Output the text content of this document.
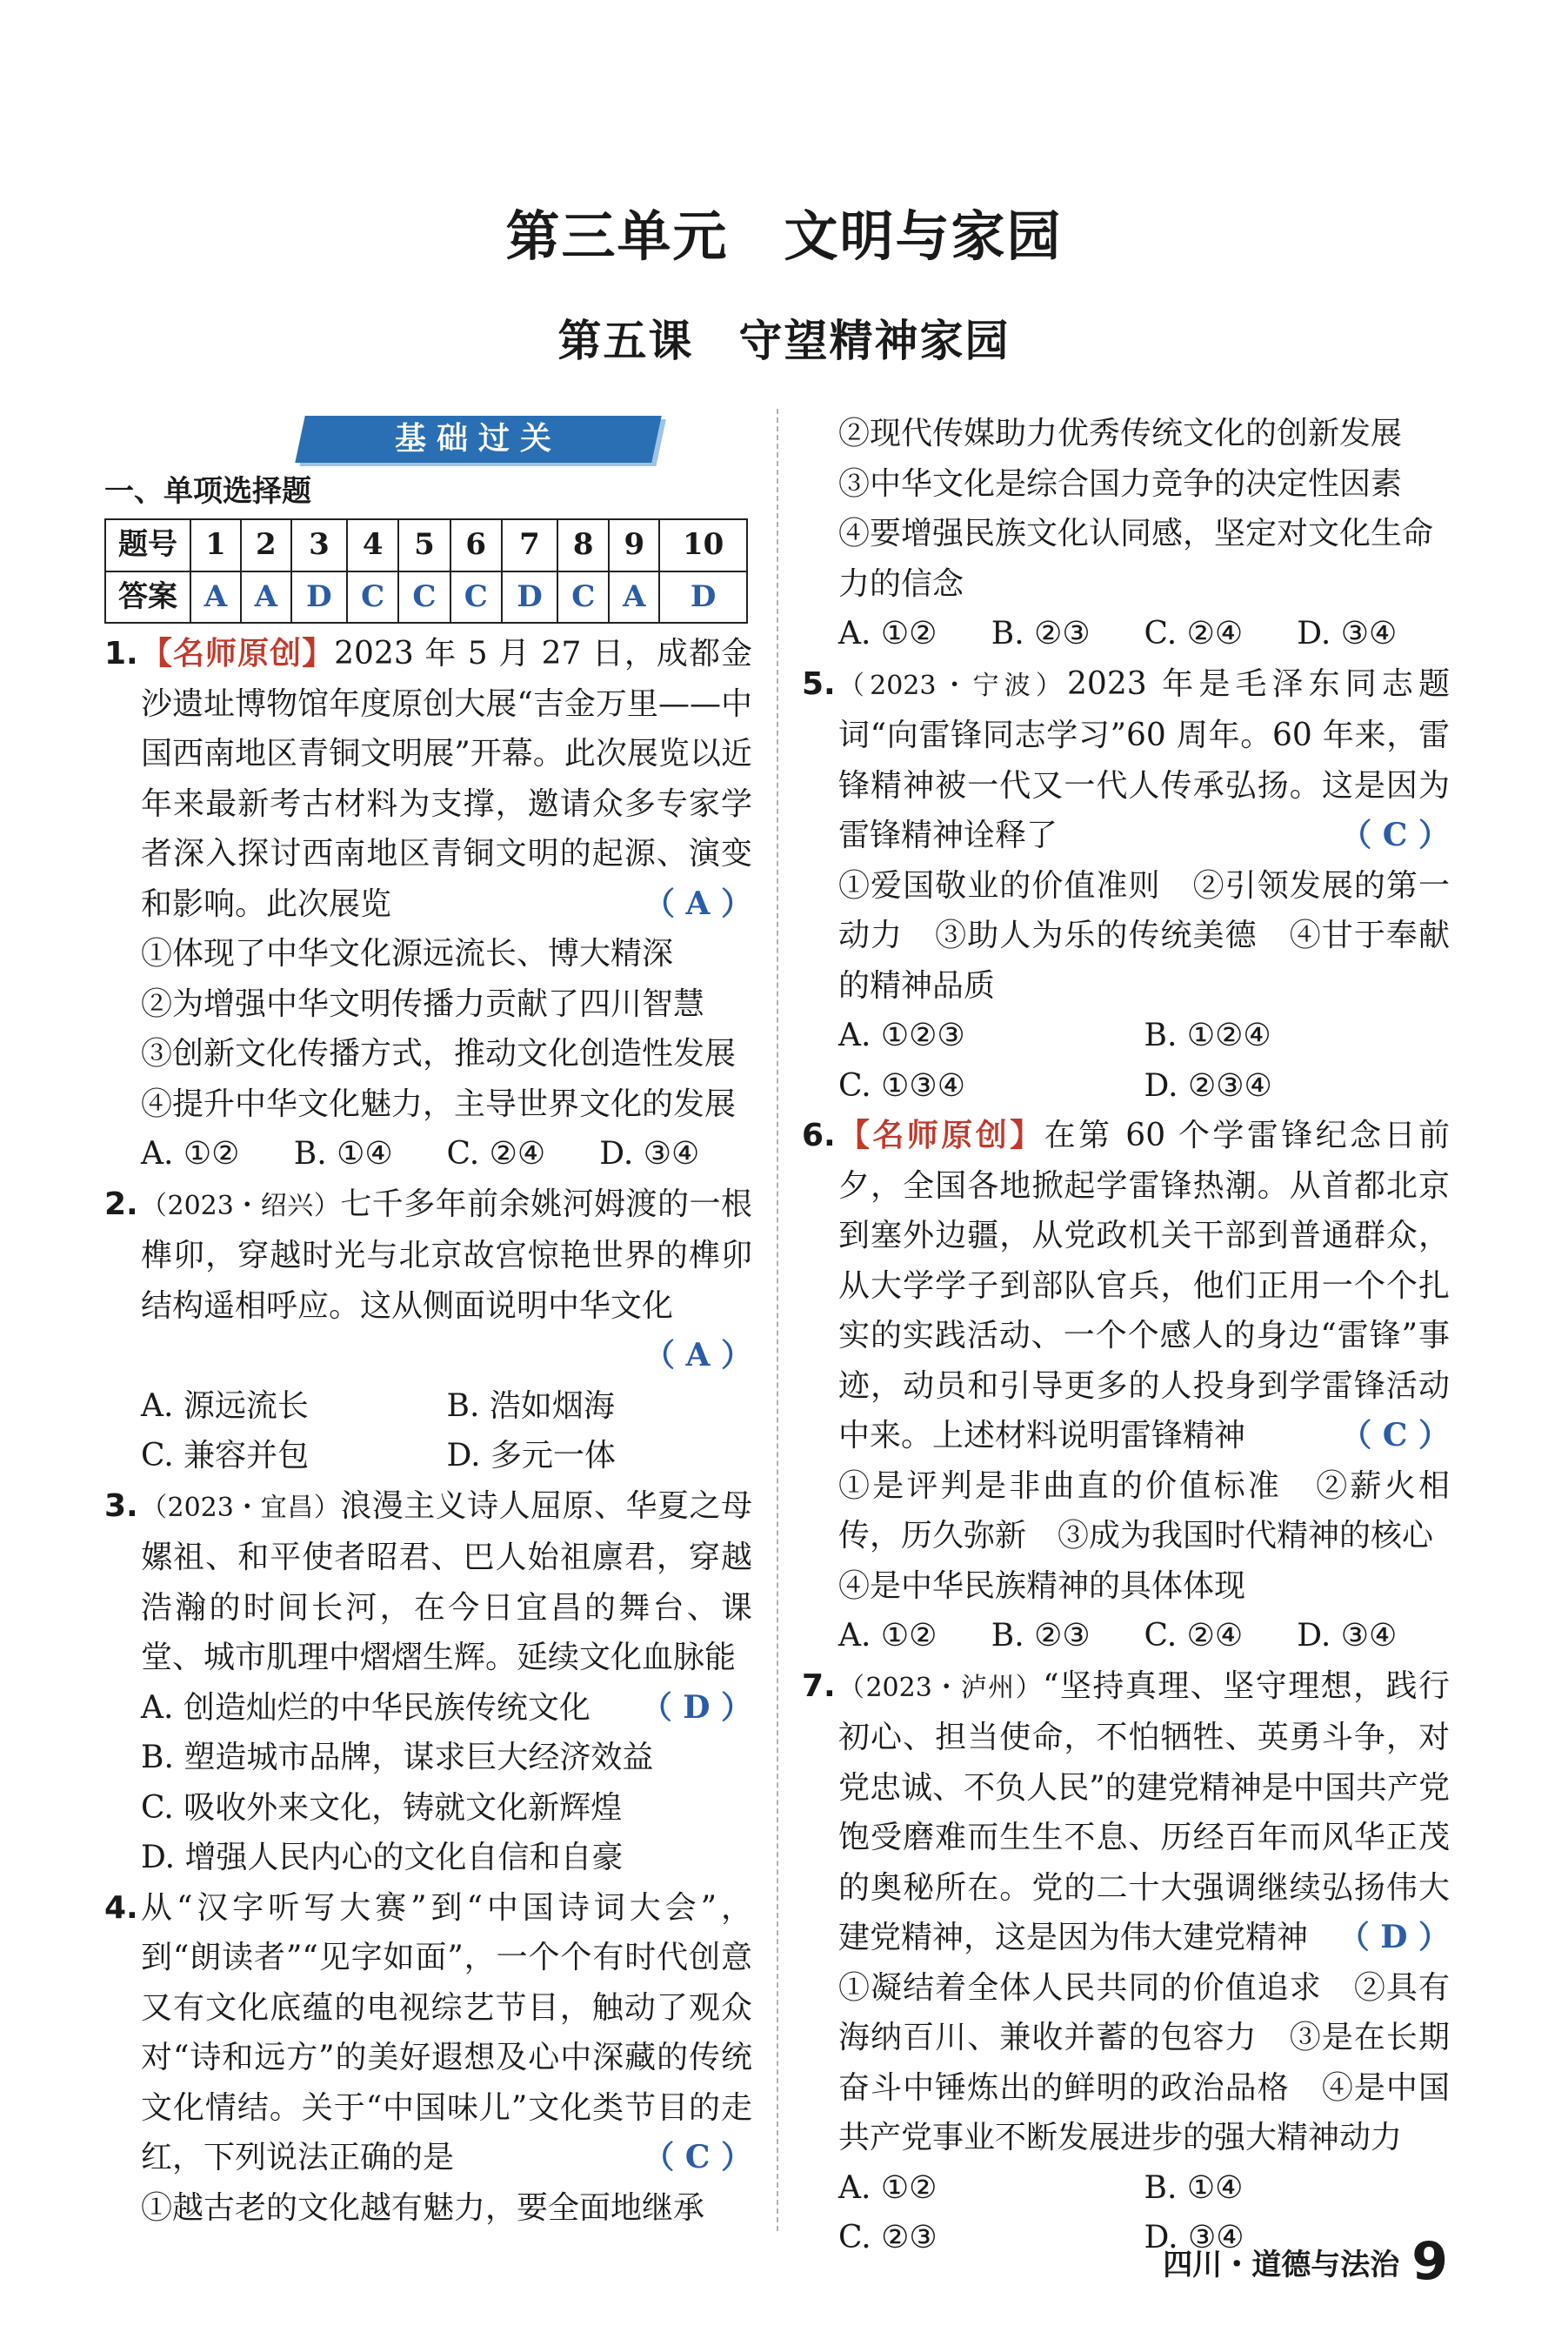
第三单元　文明与家园
第五课　守望精神家园
基础过关
一、单项选择题
题号	1	2	3	4	5	6	7	8	9	10
答案	A	A	D	C	C	C	D	C	A	D
1. 【名师原创】2023 年 5 月 27 日，成都金沙遗址博物馆年度原创大展“吉金万里——中国西南地区青铜文明展”开幕。此次展览以近年来最新考古材料为支撑，邀请众多专家学者深入探讨西南地区青铜文明的起源、演变和影响。此次展览	（ A ）
①体现了中华文化源远流长、博大精深
②为增强中华文明传播力贡献了四川智慧
③创新文化传播方式，推动文化创造性发展
④提升中华文化魅力，主导世界文化的发展
A. ①②	B. ①④	C. ②④	D. ③④
2. （2023・绍兴）七千多年前余姚河姆渡的一根榫卯，穿越时光与北京故宫惊艳世界的榫卯结构遥相呼应。这从侧面说明中华文化
（ A ）
A. 源远流长	B. 浩如烟海
C. 兼容并包	D. 多元一体
3. （2023・宜昌）浪漫主义诗人屈原、华夏之母嫘祖、和平使者昭君、巴人始祖廪君，穿越浩瀚的时间长河，在今日宜昌的舞台、课堂、城市肌理中熠熠生辉。延续文化血脉能
（ D ）
A. 创造灿烂的中华民族传统文化
B. 塑造城市品牌，谋求巨大经济效益
C. 吸收外来文化，铸就文化新辉煌
D. 增强人民内心的文化自信和自豪
4. 从“汉字听写大赛”到“中国诗词大会”，到“朗读者”“见字如面”，一个个有时代创意又有文化底蕴的电视综艺节目，触动了观众对“诗和远方”的美好遐想及心中深藏的传统文化情结。关于“中国味儿”文化类节目的走红，下列说法正确的是	（ C ）
①越古老的文化越有魅力，要全面地继承
②现代传媒助力优秀传统文化的创新发展
③中华文化是综合国力竞争的决定性因素
④要增强民族文化认同感，坚定对文化生命力的信念
A. ①②	B. ②③	C. ②④	D. ③④
5. （2023・宁波）2023 年是毛泽东同志题词“向雷锋同志学习”60 周年。60 年来，雷锋精神被一代又一代人传承弘扬。这是因为雷锋精神诠释了	（ C ）
①爱国敬业的价值准则　②引领发展的第一动力　③助人为乐的传统美德　④甘于奉献的精神品质
A. ①②③	B. ①②④
C. ①③④	D. ②③④
6. 【名师原创】在第 60 个学雷锋纪念日前夕，全国各地掀起学雷锋热潮。从首都北京到塞外边疆，从党政机关干部到普通群众，从大学学子到部队官兵，他们正用一个个扎实的实践活动、一个个感人的身边“雷锋”事迹，动员和引导更多的人投身到学雷锋活动中来。上述材料说明雷锋精神	（ C ）
①是评判是非曲直的价值标准　②薪火相传，历久弥新　③成为我国时代精神的核心
④是中华民族精神的具体体现
A. ①②	B. ②③	C. ②④	D. ③④
7. （2023・泸州）“坚持真理、坚守理想，践行初心、担当使命，不怕牺牲、英勇斗争，对党忠诚、不负人民”的建党精神是中国共产党饱受磨难而生生不息、历经百年而风华正茂的奥秘所在。党的二十大强调继续弘扬伟大建党精神，这是因为伟大建党精神 （ D ）
①凝结着全体人民共同的价值追求　②具有海纳百川、兼收并蓄的包容力　③是在长期奋斗中锤炼出的鲜明的政治品格　④是中国共产党事业不断发展进步的强大精神动力
A. ①②	B. ①④
C. ②③	D. ③④
四川・道德与法治 9
